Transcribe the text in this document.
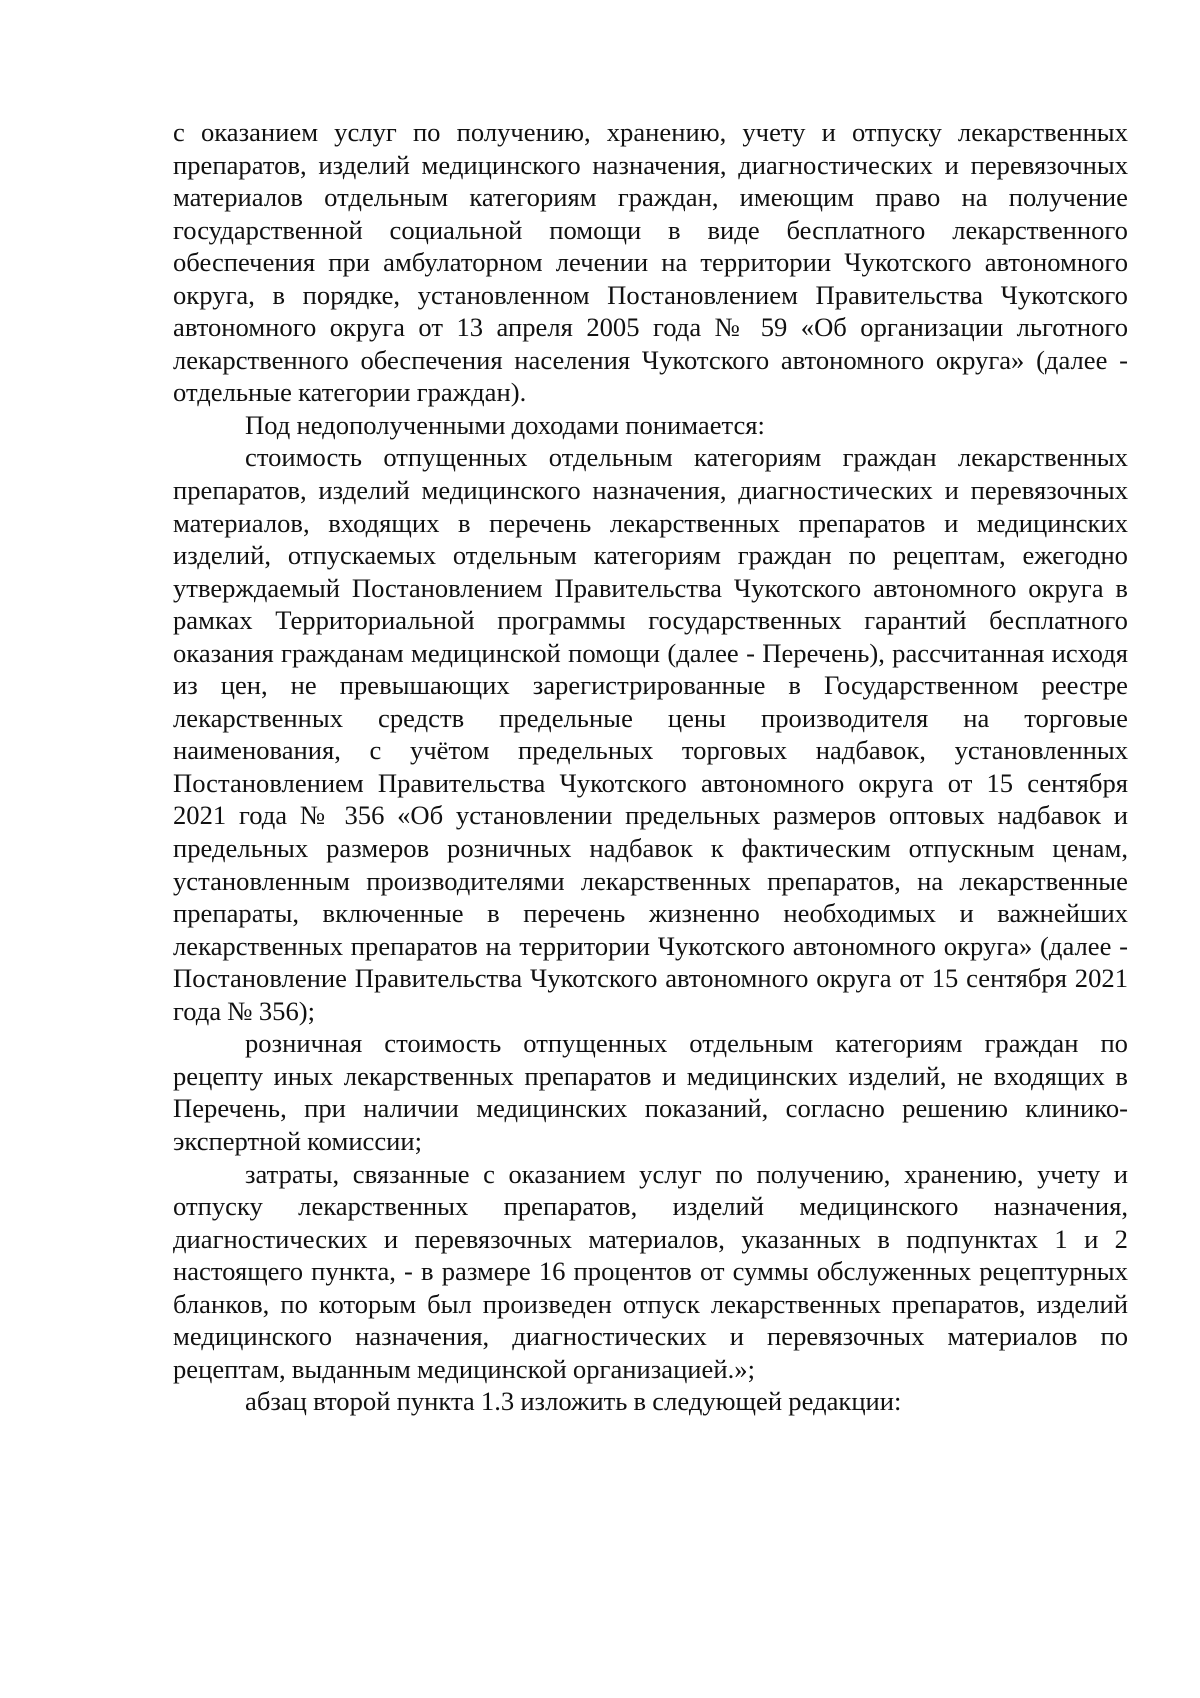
с оказанием услуг по получению, хранению, учету и отпуску лекарственных препаратов, изделий медицинского назначения, диагностических и перевязочных материалов отдельным категориям граждан, имеющим право на получение государственной социальной помощи в виде бесплатного лекарственного обеспечения при амбулаторном лечении на территории Чукотского автономного округа, в порядке, установленном Постановлением Правительства Чукотского автономного округа от 13 апреля 2005 года № 59 «Об организации льготного лекарственного обеспечения населения Чукотского автономного округа» (далее - отдельные категории граждан).

Под недополученными доходами понимается:

стоимость отпущенных отдельным категориям граждан лекарственных препаратов, изделий медицинского назначения, диагностических и перевязочных материалов, входящих в перечень лекарственных препаратов и медицинских изделий, отпускаемых отдельным категориям граждан по рецептам, ежегодно утверждаемый Постановлением Правительства Чукотского автономного округа в рамках Территориальной программы государственных гарантий бесплатного оказания гражданам медицинской помощи (далее - Перечень), рассчитанная исходя из цен, не превышающих зарегистрированные в Государственном реестре лекарственных средств предельные цены производителя на торговые наименования, с учётом предельных торговых надбавок, установленных Постановлением Правительства Чукотского автономного округа от 15 сентября 2021 года № 356 «Об установлении предельных размеров оптовых надбавок и предельных размеров розничных надбавок к фактическим отпускным ценам, установленным производителями лекарственных препаратов, на лекарственные препараты, включенные в перечень жизненно необходимых и важнейших лекарственных препаратов на территории Чукотского автономного округа» (далее - Постановление Правительства Чукотского автономного округа от 15 сентября 2021 года № 356);

розничная стоимость отпущенных отдельным категориям граждан по рецепту иных лекарственных препаратов и медицинских изделий, не входящих в Перечень, при наличии медицинских показаний, согласно решению клинико-экспертной комиссии;

затраты, связанные с оказанием услуг по получению, хранению, учету и отпуску лекарственных препаратов, изделий медицинского назначения, диагностических и перевязочных материалов, указанных в подпунктах 1 и 2 настоящего пункта, - в размере 16 процентов от суммы обслуженных рецептурных бланков, по которым был произведен отпуск лекарственных препаратов, изделий медицинского назначения, диагностических и перевязочных материалов по рецептам, выданным медицинской организацией.»;

абзац второй пункта 1.3 изложить в следующей редакции:
